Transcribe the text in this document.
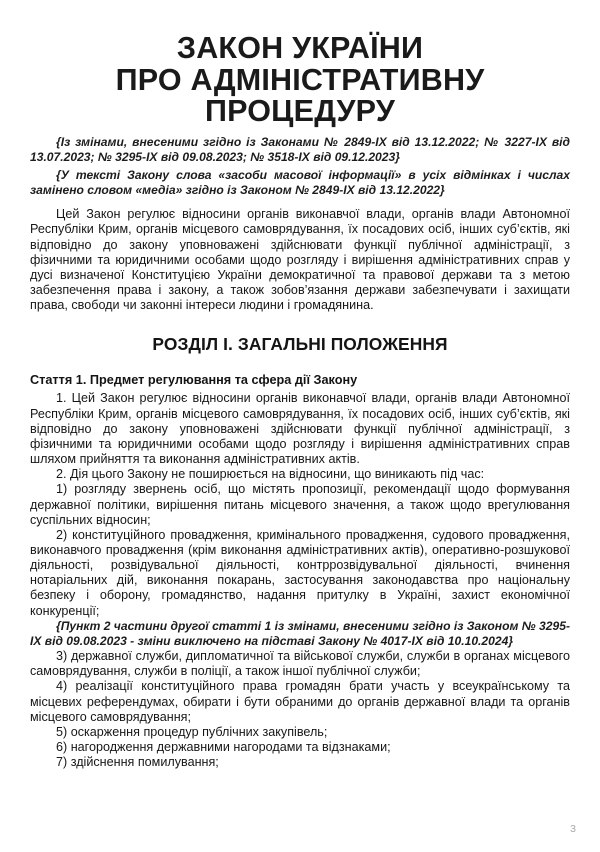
ЗАКОН УКРАЇНИ
ПРО АДМІНІСТРАТИВНУ
ПРОЦЕДУРУ

{Із змінами, внесеними згідно із Законами № 2849-IX від 13.12.2022; № 3227-IX від 13.07.2023; № 3295-IX від 09.08.2023; № 3518-IX від 09.12.2023}

{У тексті Закону слова «засоби масової інформації» в усіх відмінках і числах замінено словом «медіа» згідно із Законом № 2849-IX від 13.12.2022}

Цей Закон регулює відносини органів виконавчої влади, органів влади Автономної Республіки Крим, органів місцевого самоврядування, їх посадових осіб, інших суб’єктів, які відповідно до закону уповноважені здійснювати функції публічної адміністрації, з фізичними та юридичними особами щодо розгляду і вирішення адміністративних справ у дусі визначеної Конституцією України демократичної та правової держави та з метою забезпечення права і закону, а також зобов’язання держави забезпечувати і захищати права, свободи чи законні інтереси людини і громадянина.

РОЗДІЛ I. ЗАГАЛЬНІ ПОЛОЖЕННЯ
Стаття 1. Предмет регулювання та сфера дії Закону

1. Цей Закон регулює відносини органів виконавчої влади, органів влади Автономної Республіки Крим, органів місцевого самоврядування, їх посадових осіб, інших суб’єктів, які відповідно до закону уповноважені здійснювати функції публічної адміністрації, з фізичними та юридичними особами щодо розгляду і вирішення адміністративних справ шляхом прийняття та виконання адміністративних актів.

2. Дія цього Закону не поширюється на відносини, що виникають під час:

1) розгляду звернень осіб, що містять пропозиції, рекомендації щодо формування державної політики, вирішення питань місцевого значення, а також щодо врегулювання суспільних відносин;

2) конституційного провадження, кримінального провадження, судового провадження, виконавчого провадження (крім виконання адміністративних актів), оперативно-розшукової діяльності, розвідувальної діяльності, контррозвідувальної діяльності, вчинення нотаріальних дій, виконання покарань, застосування законодавства про національну безпеку і оборону, громадянство, надання притулку в Україні, захист економічної конкуренції;

{Пункт 2 частини другої статті 1 із змінами, внесеними згідно із Законом № 3295-IX від 09.08.2023 - зміни виключено на підставі Закону № 4017-IX від 10.10.2024}

3) державної служби, дипломатичної та військової служби, служби в органах місцевого самоврядування, служби в поліції, а також іншої публічної служби;

4) реалізації конституційного права громадян брати участь у всеукраїнському та місцевих референдумах, обирати і бути обраними до органів державної влади та органів місцевого самоврядування;

5) оскарження процедур публічних закупівель;

6) нагородження державними нагородами та відзнаками;

7) здійснення помилування;

3
